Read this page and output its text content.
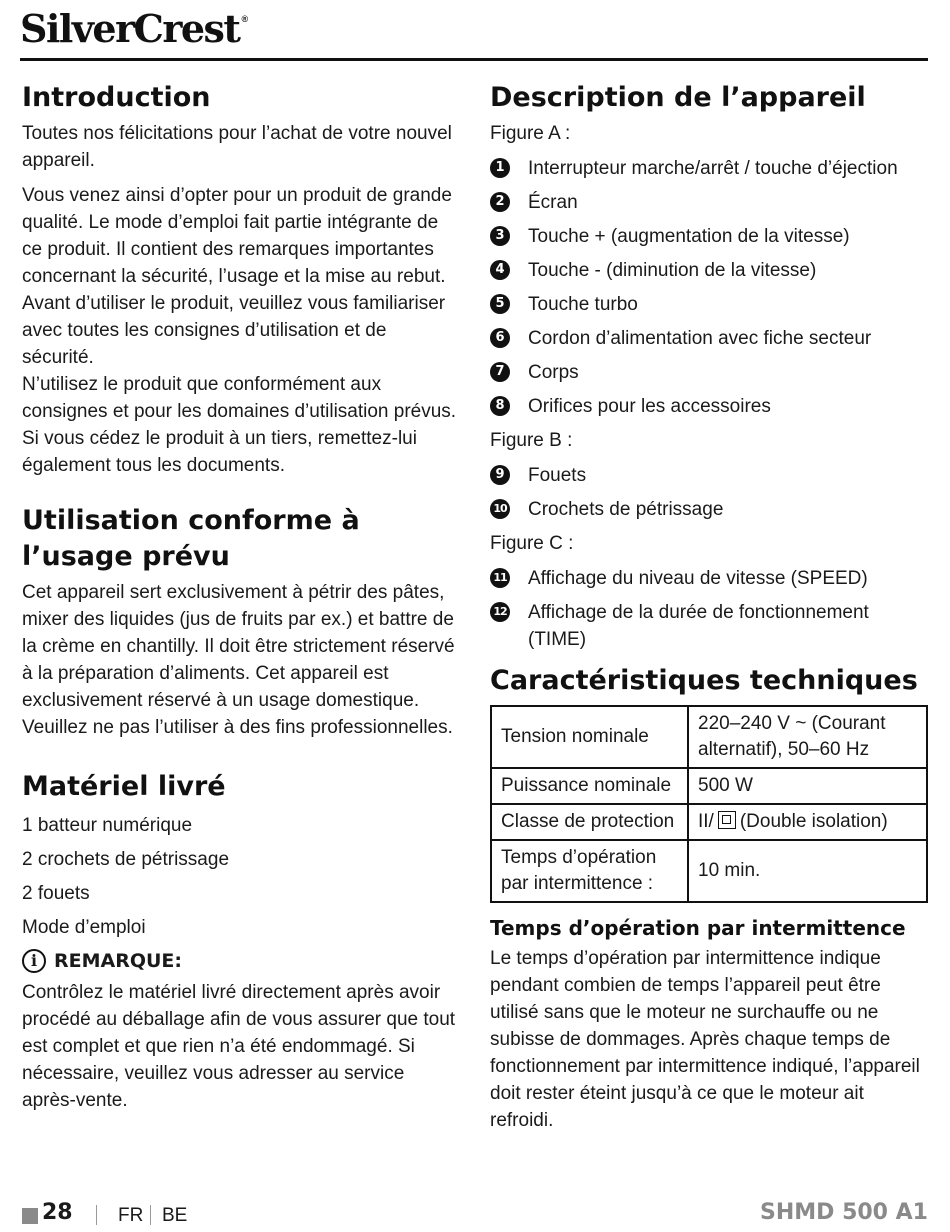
SilverCrest ®
Introduction

Toutes nos félicitations pour l’achat de votre nouvel appareil.

Vous venez ainsi d’opter pour un produit de grande qualité. Le mode d’emploi fait partie intégrante de ce produit. Il contient des remarques importantes concernant la sécurité, l’usage et la mise au rebut. Avant d’utiliser le produit, veuillez vous familiariser avec toutes les consignes d’utilisation et de sécurité.

N’utilisez le produit que conformément aux consignes et pour les domaines d’utilisation prévus.

Si vous cédez le produit à un tiers, remettez-lui également tous les documents.

Utilisation conforme à l’usage prévu

Cet appareil sert exclusivement à pétrir des pâtes, mixer des liquides (jus de fruits par ex.) et battre de la crème en chantilly. Il doit être strictement réservé à la préparation d’aliments. Cet appareil est exclusivement réservé à un usage domestique. Veuillez ne pas l’utiliser à des fins professionnelles.

Matériel livré
1 batteur numérique
2 crochets de pétrissage
2 fouets
Mode d’emploi
i REMARQUE:

Contrôlez le matériel livré directement après avoir procédé au déballage afin de vous assurer que tout est complet et que rien n’a été endommagé. Si nécessaire, veuillez vous adresser au service après-vente.

Description de l’appareil
Figure A :
1 Interrupteur marche/arrêt / touche d’éjection
2 Écran
3 Touche + (augmentation de la vitesse)
4 Touche - (diminution de la vitesse)
5 Touche turbo
6 Cordon d’alimentation avec fiche secteur
7 Corps
8 Orifices pour les accessoires
Figure B :
9 Fouets
10 Crochets de pétrissage
Figure C :
11 Affichage du niveau de vitesse (SPEED)
12 Affichage de la durée de fonctionnement (TIME)
Caractéristiques techniques
Tension nominale	220–240 V ~ (Courant alternatif), 50–60 Hz
Puissance nominale	500 W
Classe de protection	II/ (Double isolation)
Temps d’opération par intermittence :	10 min.
Temps d’opération par intermittence

Le temps d’opération par intermittence indique pendant combien de temps l’appareil peut être utilisé sans que le moteur ne surchauffe ou ne subisse de dommages. Après chaque temps de fonctionnement par intermittence indiqué, l’appareil doit rester éteint jusqu’à ce que le moteur ait refroidi.

28 FR BE	SHMD 500 A1
